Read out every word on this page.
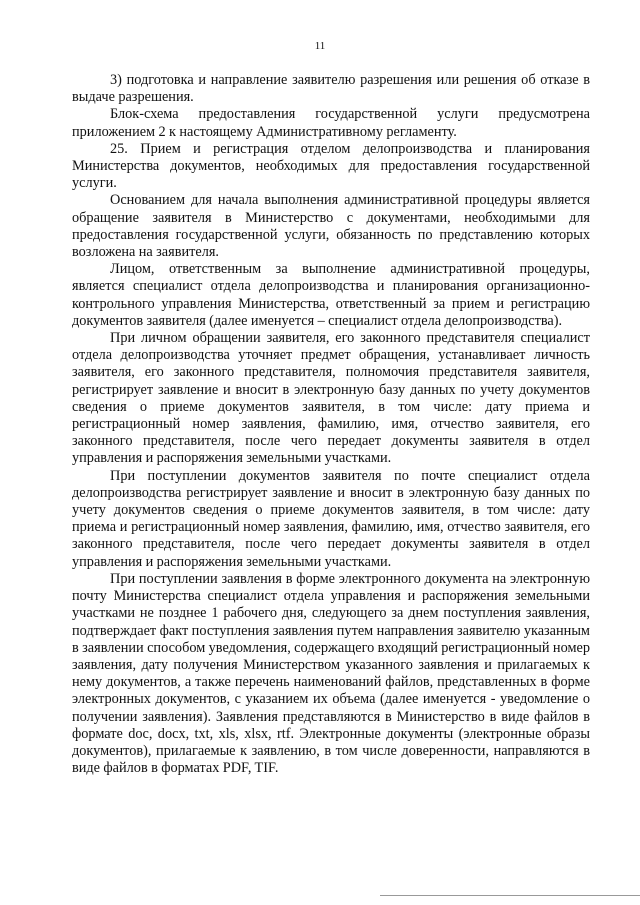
11

3) подготовка и направление заявителю разрешения или решения об отказе в выдаче разрешения.

Блок-схема предоставления государственной услуги предусмотрена приложением 2 к настоящему Административному регламенту.

25. Прием и регистрация отделом делопроизводства и планирования Министерства документов, необходимых для предоставления государственной услуги.

Основанием для начала выполнения административной процедуры является обращение заявителя в Министерство с документами, необходимыми для предоставления государственной услуги, обязанность по представлению которых возложена на заявителя.

Лицом, ответственным за выполнение административной процедуры, является специалист отдела делопроизводства и планирования организационно-контрольного управления Министерства, ответственный за прием и регистрацию документов заявителя (далее именуется – специалист отдела делопроизводства).

При личном обращении заявителя, его законного представителя специалист отдела делопроизводства уточняет предмет обращения, устанавливает личность заявителя, его законного представителя, полномочия представителя заявителя, регистрирует заявление и вносит в электронную базу данных по учету документов сведения о приеме документов заявителя, в том числе: дату приема и регистрационный номер заявления, фамилию, имя, отчество заявителя, его законного представителя, после чего передает документы заявителя в отдел управления и распоряжения земельными участками.

При поступлении документов заявителя по почте специалист отдела делопроизводства регистрирует заявление и вносит в электронную базу данных по учету документов сведения о приеме документов заявителя, в том числе: дату приема и регистрационный номер заявления, фамилию, имя, отчество заявителя, его законного представителя, после чего передает документы заявителя в отдел управления и распоряжения земельными участками.

При поступлении заявления в форме электронного документа на электронную почту Министерства специалист отдела управления и распоряжения земельными участками не позднее 1 рабочего дня, следующего за днем поступления заявления, подтверждает факт поступления заявления путем направления заявителю указанным в заявлении способом уведомления, содержащего входящий регистрационный номер заявления, дату получения Министерством указанного заявления и прилагаемых к нему документов, а также перечень наименований файлов, представленных в форме электронных документов, с указанием их объема (далее именуется - уведомление о получении заявления). Заявления представляются в Министерство в виде файлов в формате doc, docx, txt, xls, xlsx, rtf. Электронные документы (электронные образы документов), прилагаемые к заявлению, в том числе доверенности, направляются в виде файлов в форматах PDF, TIF.
